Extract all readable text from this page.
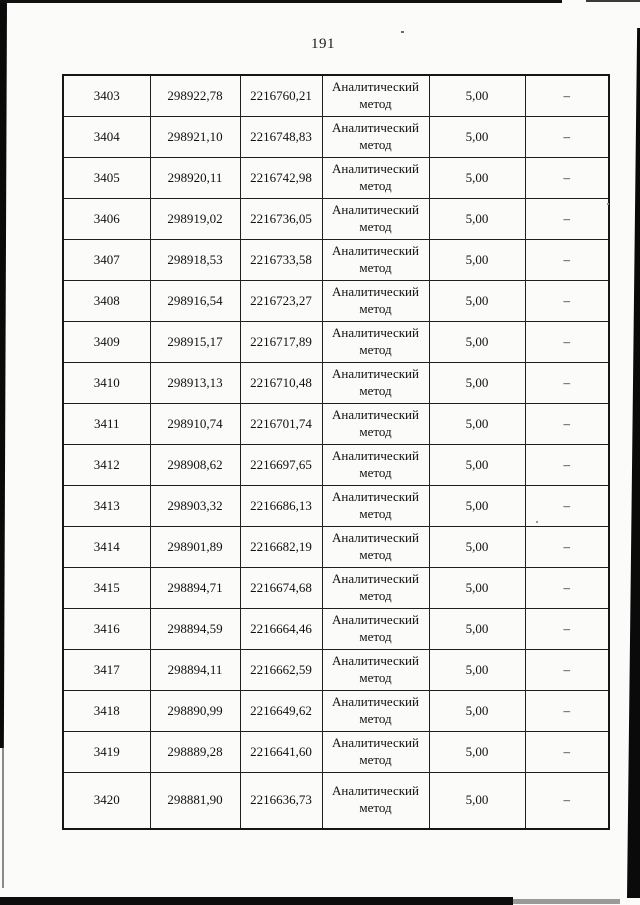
191
3403	298922,78	2216760,21	Аналитический метод	5,00	–
3404	298921,10	2216748,83	Аналитический метод	5,00	–
3405	298920,11	2216742,98	Аналитический метод	5,00	–
3406	298919,02	2216736,05	Аналитический метод	5,00	–
3407	298918,53	2216733,58	Аналитический метод	5,00	–
3408	298916,54	2216723,27	Аналитический метод	5,00	–
3409	298915,17	2216717,89	Аналитический метод	5,00	–
3410	298913,13	2216710,48	Аналитический метод	5,00	–
3411	298910,74	2216701,74	Аналитический метод	5,00	–
3412	298908,62	2216697,65	Аналитический метод	5,00	–
3413	298903,32	2216686,13	Аналитический метод	5,00	–
3414	298901,89	2216682,19	Аналитический метод	5,00	–
3415	298894,71	2216674,68	Аналитический метод	5,00	–
3416	298894,59	2216664,46	Аналитический метод	5,00	–
3417	298894,11	2216662,59	Аналитический метод	5,00	–
3418	298890,99	2216649,62	Аналитический метод	5,00	–
3419	298889,28	2216641,60	Аналитический метод	5,00	–
3420	298881,90	2216636,73	Аналитический метод	5,00	–
